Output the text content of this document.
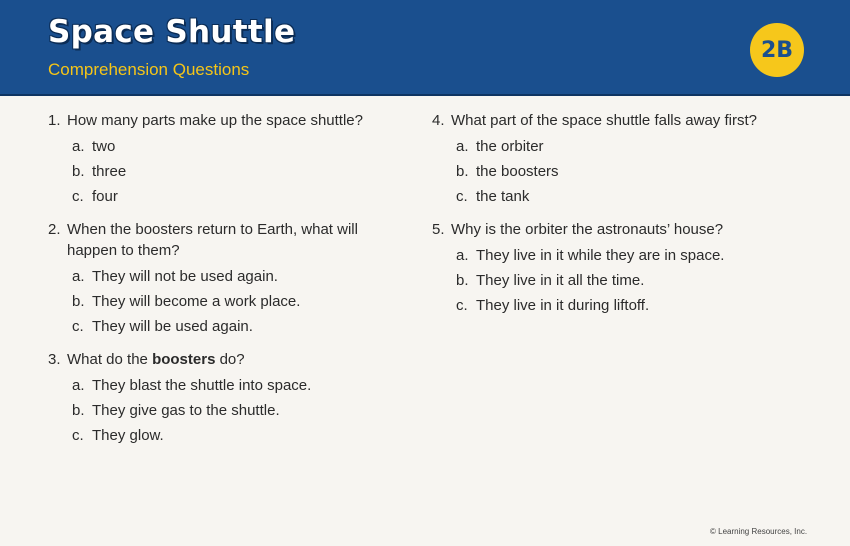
Space Shuttle
Comprehension Questions
2B
1. How many parts make up the space shuttle?
a. two
b. three
c. four
2. When the boosters return to Earth, what will happen to them?
a. They will not be used again.
b. They will become a work place.
c. They will be used again.
3. What do the boosters do?
a. They blast the shuttle into space.
b. They give gas to the shuttle.
c. They glow.
4. What part of the space shuttle falls away first?
a. the orbiter
b. the boosters
c. the tank
5. Why is the orbiter the astronauts’ house?
a. They live in it while they are in space.
b. They live in it all the time.
c. They live in it during liftoff.
© Learning Resources, Inc.
